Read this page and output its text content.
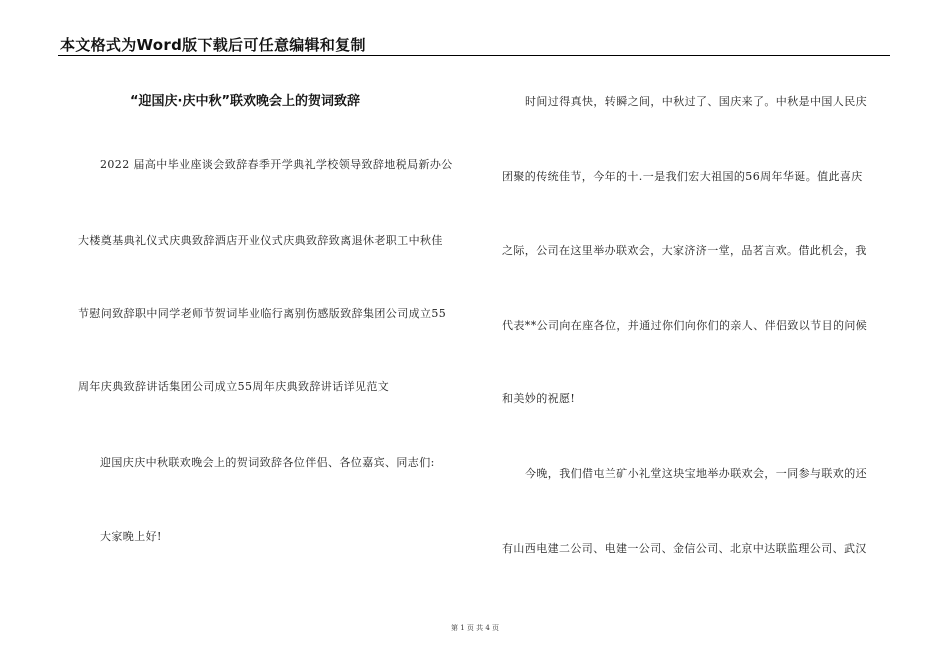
本文格式为Word版下载后可任意编辑和复制
“迎国庆·庆中秋”联欢晚会上的贺词致辞
2022 届高中毕业座谈会致辞春季开学典礼学校领导致辞地税局新办公
大楼奠基典礼仪式庆典致辞酒店开业仪式庆典致辞致离退休老职工中秋佳
节慰问致辞职中同学老师节贺词毕业临行离别伤感版致辞集团公司成立55
周年庆典致辞讲话集团公司成立55周年庆典致辞讲话详见范文
迎国庆庆中秋联欢晚会上的贺词致辞各位伴侣、各位嘉宾、同志们:
大家晚上好!
时间过得真快，转瞬之间，中秋过了、国庆来了。中秋是中国人民庆
团聚的传统佳节，今年的十.一是我们宏大祖国的56周年华诞。值此喜庆
之际，公司在这里举办联欢会，大家济济一堂，品茗言欢。借此机会，我
代表**公司向在座各位，并通过你们向你们的亲人、伴侣致以节目的问候
和美妙的祝愿!
今晚，我们借屯兰矿小礼堂这块宝地举办联欢会，一同参与联欢的还
有山西电建二公司、电建一公司、金信公司、北京中达联监理公司、武汉
第 1 页 共 4 页
